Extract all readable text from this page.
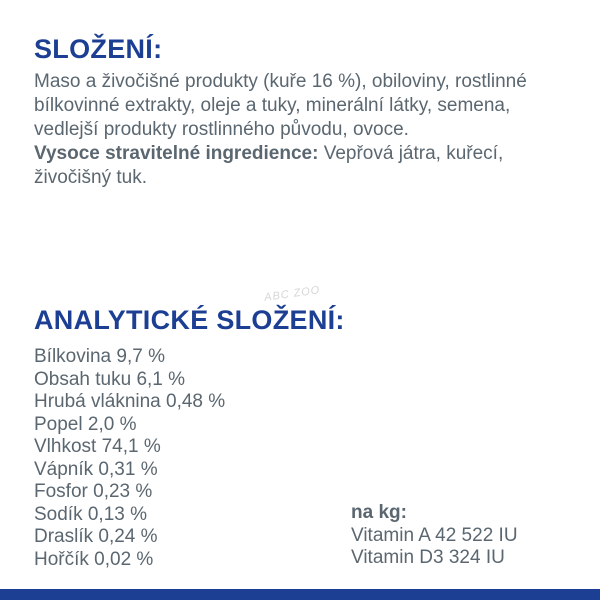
SLOŽENÍ:

Maso a živočišné produkty (kuře 16 %), obiloviny, rostlinné bílkovinné extrakty, oleje a tuky, minerální látky, semena, vedlejší produkty rostlinného původu, ovoce.
Vysoce stravitelné ingredience: Vepřová játra, kuřecí, živočišný tuk.

ABC ZOO
ANALYTICKÉ SLOŽENÍ:
Bílkovina 9,7 %
Obsah tuku 6,1 %
Hrubá vláknina 0,48 %
Popel 2,0 %
Vlhkost 74,1 %
Vápník 0,31 %
Fosfor 0,23 %
Sodík 0,13 %
Draslík 0,24 %
Hořčík 0,02 %
na kg:
Vitamin A 42 522 IU
Vitamin D3 324 IU
